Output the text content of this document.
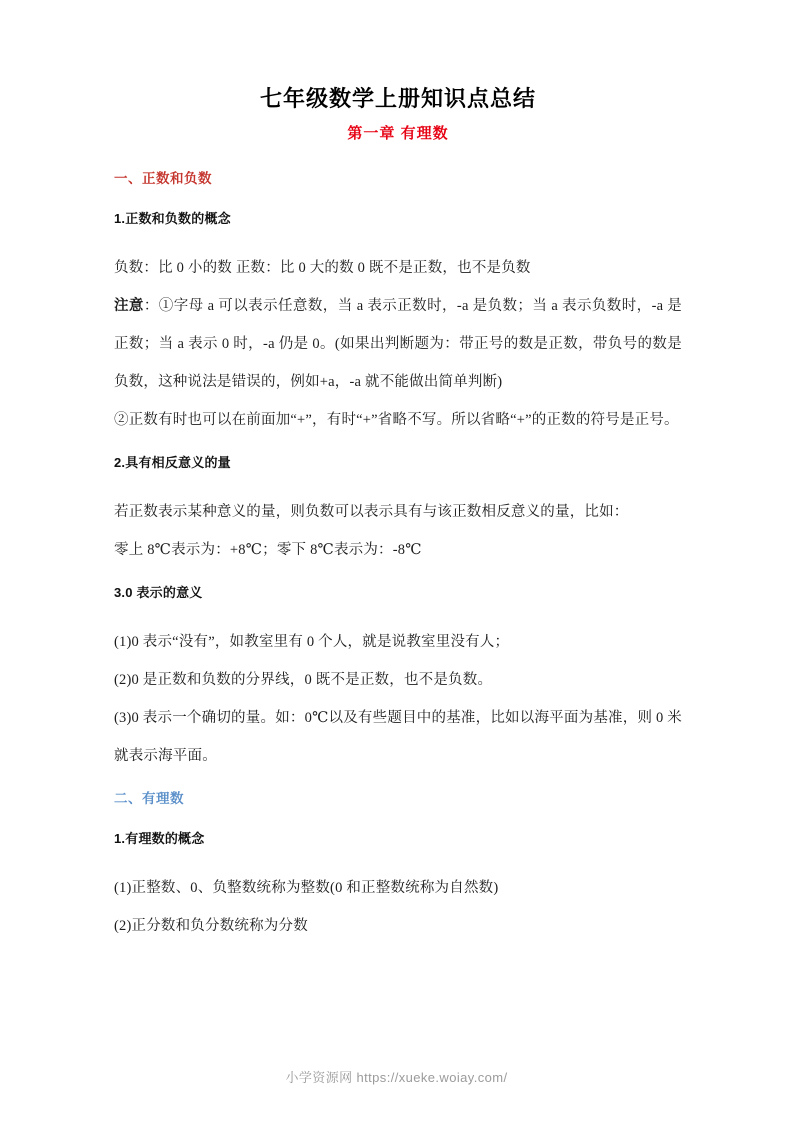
七年级数学上册知识点总结
第一章 有理数
一、正数和负数
1.正数和负数的概念

负数：比 0 小的数 正数：比 0 大的数 0 既不是正数，也不是负数

注意：①字母 a 可以表示任意数，当 a 表示正数时，-a 是负数；当 a 表示负数时，-a 是正数；当 a 表示 0 时，-a 仍是 0。(如果出判断题为：带正号的数是正数，带负号的数是负数，这种说法是错误的，例如+a，-a 就不能做出简单判断)

②正数有时也可以在前面加“+”，有时“+”省略不写。所以省略“+”的正数的符号是正号。

2.具有相反意义的量

若正数表示某种意义的量，则负数可以表示具有与该正数相反意义的量，比如：

零上 8℃表示为：+8℃；零下 8℃表示为：-8℃

3.0 表示的意义

(1)0 表示“没有”，如教室里有 0 个人，就是说教室里没有人；

(2)0 是正数和负数的分界线，0 既不是正数，也不是负数。

(3)0 表示一个确切的量。如：0℃以及有些题目中的基准，比如以海平面为基准，则 0 米就表示海平面。

二、有理数
1.有理数的概念

(1)正整数、0、负整数统称为整数(0 和正整数统称为自然数)

(2)正分数和负分数统称为分数

小学资源网 https://xueke.woiay.com/
